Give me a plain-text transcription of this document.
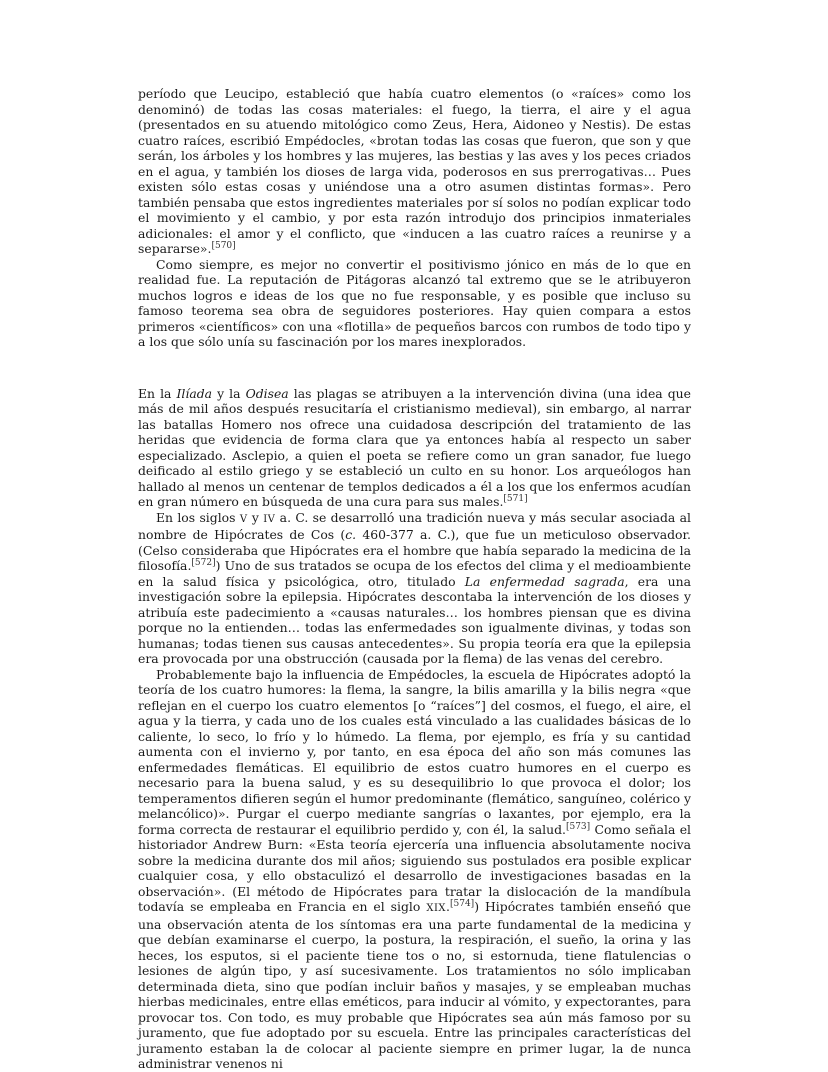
período que Leucipo, estableció que había cuatro elementos (o «raíces» como los denominó) de todas las cosas materiales: el fuego, la tierra, el aire y el agua (presentados en su atuendo mitológico como Zeus, Hera, Aidoneo y Nestis). De estas cuatro raíces, escribió Empédocles, «brotan todas las cosas que fueron, que son y que serán, los árboles y los hombres y las mujeres, las bestias y las aves y los peces criados en el agua, y también los dioses de larga vida, poderosos en sus prerrogativas… Pues existen sólo estas cosas y uniéndose una a otro asumen distintas formas». Pero también pensaba que estos ingredientes materiales por sí solos no podían explicar todo el movimiento y el cambio, y por esta razón introdujo dos principios inmateriales adicionales: el amor y el conflicto, que «inducen a las cuatro raíces a reunirse y a separarse».[570]

Como siempre, es mejor no convertir el positivismo jónico en más de lo que en realidad fue. La reputación de Pitágoras alcanzó tal extremo que se le atribuyeron muchos logros e ideas de los que no fue responsable, y es posible que incluso su famoso teorema sea obra de seguidores posteriores. Hay quien compara a estos primeros «científicos» con una «flotilla» de pequeños barcos con rumbos de todo tipo y a los que sólo unía su fascinación por los mares inexplorados.

En la Ilíada y la Odisea las plagas se atribuyen a la intervención divina (una idea que más de mil años después resucitaría el cristianismo medieval), sin embargo, al narrar las batallas Homero nos ofrece una cuidadosa descripción del tratamiento de las heridas que evidencia de forma clara que ya entonces había al respecto un saber especializado. Asclepio, a quien el poeta se refiere como un gran sanador, fue luego deificado al estilo griego y se estableció un culto en su honor. Los arqueólogos han hallado al menos un centenar de templos dedicados a él a los que los enfermos acudían en gran número en búsqueda de una cura para sus males.[571]

En los siglos V y IV a. C. se desarrolló una tradición nueva y más secular asociada al nombre de Hipócrates de Cos (c. 460-377 a. C.), que fue un meticuloso observador. (Celso consideraba que Hipócrates era el hombre que había separado la medicina de la filosofía.[572]) Uno de sus tratados se ocupa de los efectos del clima y el medioambiente en la salud física y psicológica, otro, titulado La enfermedad sagrada, era una investigación sobre la epilepsia. Hipócrates descontaba la intervención de los dioses y atribuía este padecimiento a «causas naturales… los hombres piensan que es divina porque no la entienden… todas las enfermedades son igualmente divinas, y todas son humanas; todas tienen sus causas antecedentes». Su propia teoría era que la epilepsia era provocada por una obstrucción (causada por la flema) de las venas del cerebro.

Probablemente bajo la influencia de Empédocles, la escuela de Hipócrates adoptó la teoría de los cuatro humores: la flema, la sangre, la bilis amarilla y la bilis negra «que reflejan en el cuerpo los cuatro elementos [o “raíces”] del cosmos, el fuego, el aire, el agua y la tierra, y cada uno de los cuales está vinculado a las cualidades básicas de lo caliente, lo seco, lo frío y lo húmedo. La flema, por ejemplo, es fría y su cantidad aumenta con el invierno y, por tanto, en esa época del año son más comunes las enfermedades flemáticas. El equilibrio de estos cuatro humores en el cuerpo es necesario para la buena salud, y es su desequilibrio lo que provoca el dolor; los temperamentos difieren según el humor predominante (flemático, sanguíneo, colérico y melancólico)». Purgar el cuerpo mediante sangrías o laxantes, por ejemplo, era la forma correcta de restaurar el equilibrio perdido y, con él, la salud.[573] Como señala el historiador Andrew Burn: «Esta teoría ejercería una influencia absolutamente nociva sobre la medicina durante dos mil años; siguiendo sus postulados era posible explicar cualquier cosa, y ello obstaculizó el desarrollo de investigaciones basadas en la observación». (El método de Hipócrates para tratar la dislocación de la mandíbula todavía se empleaba en Francia en el siglo XIX.[574]) Hipócrates también enseñó que una observación atenta de los síntomas era una parte fundamental de la medicina y que debían examinarse el cuerpo, la postura, la respiración, el sueño, la orina y las heces, los esputos, si el paciente tiene tos o no, si estornuda, tiene flatulencias o lesiones de algún tipo, y así sucesivamente. Los tratamientos no sólo implicaban determinada dieta, sino que podían incluir baños y masajes, y se empleaban muchas hierbas medicinales, entre ellas eméticos, para inducir al vómito, y expectorantes, para provocar tos. Con todo, es muy probable que Hipócrates sea aún más famoso por su juramento, que fue adoptado por su escuela. Entre las principales características del juramento estaban la de colocar al paciente siempre en primer lugar, la de nunca administrar venenos ni
